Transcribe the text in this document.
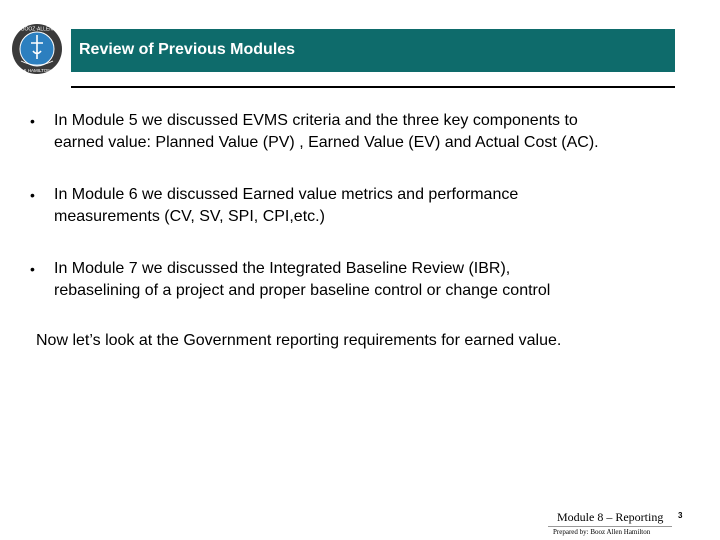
BOOZ·ALLEN
& HAMILTON
Review of Previous Modules
• In Module 5 we discussed EVMS criteria and the three key components to
earned value: Planned Value (PV) , Earned Value (EV) and Actual Cost (AC).
• In Module 6 we discussed Earned value metrics and performance
measurements (CV, SV, SPI, CPI,etc.)
• In Module 7 we discussed the Integrated Baseline Review (IBR),
rebaselining of a project and proper baseline control or change control
Now let’s look at the Government reporting requirements for earned value.
Module 8 – Reporting
Prepared by: Booz Allen Hamilton
3
